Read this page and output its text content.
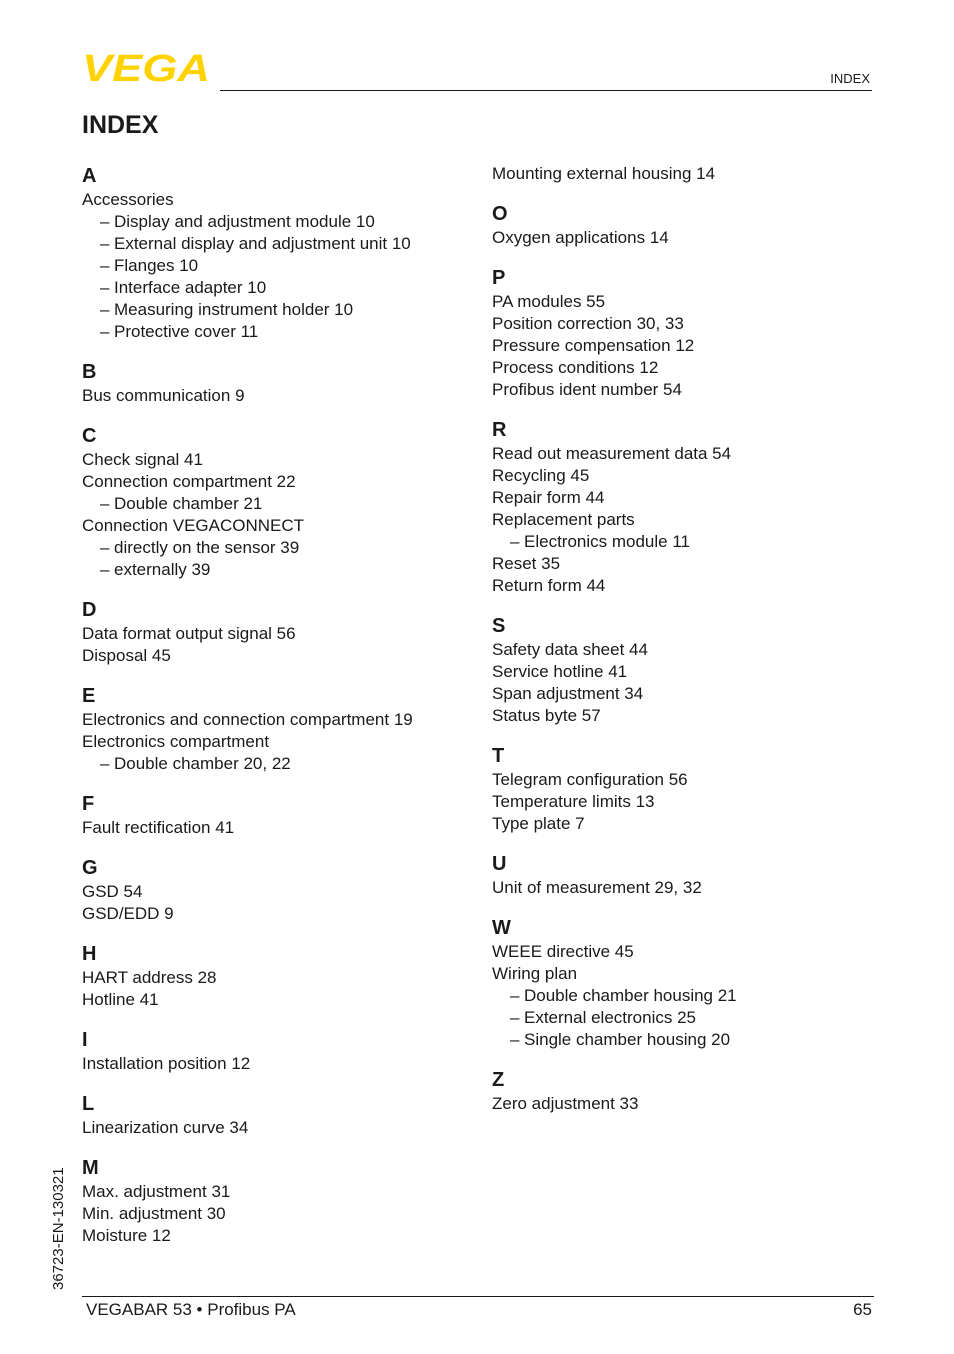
VEGA	INDEX
INDEX
A
Accessories
– Display and adjustment module 10
– External display and adjustment unit 10
– Flanges 10
– Interface adapter 10
– Measuring instrument holder 10
– Protective cover 11
B
Bus communication 9
C
Check signal 41
Connection compartment 22
– Double chamber 21
Connection VEGACONNECT
– directly on the sensor 39
– externally 39
D
Data format output signal 56
Disposal 45
E
Electronics and connection compartment 19
Electronics compartment
– Double chamber 20, 22
F
Fault rectification 41
G
GSD 54
GSD/EDD 9
H
HART address 28
Hotline 41
I
Installation position 12
L
Linearization curve 34
M
Max. adjustment 31
Min. adjustment 30
Moisture 12
Mounting external housing 14
O
Oxygen applications 14
P
PA modules 55
Position correction 30, 33
Pressure compensation 12
Process conditions 12
Profibus ident number 54
R
Read out measurement data 54
Recycling 45
Repair form 44
Replacement parts
– Electronics module 11
Reset 35
Return form 44
S
Safety data sheet 44
Service hotline 41
Span adjustment 34
Status byte 57
T
Telegram configuration 56
Temperature limits 13
Type plate 7
U
Unit of measurement 29, 32
W
WEEE directive 45
Wiring plan
– Double chamber housing 21
– External electronics 25
– Single chamber housing 20
Z
Zero adjustment 33
36723-EN-130321
VEGABAR 53 • Profibus PA	65
